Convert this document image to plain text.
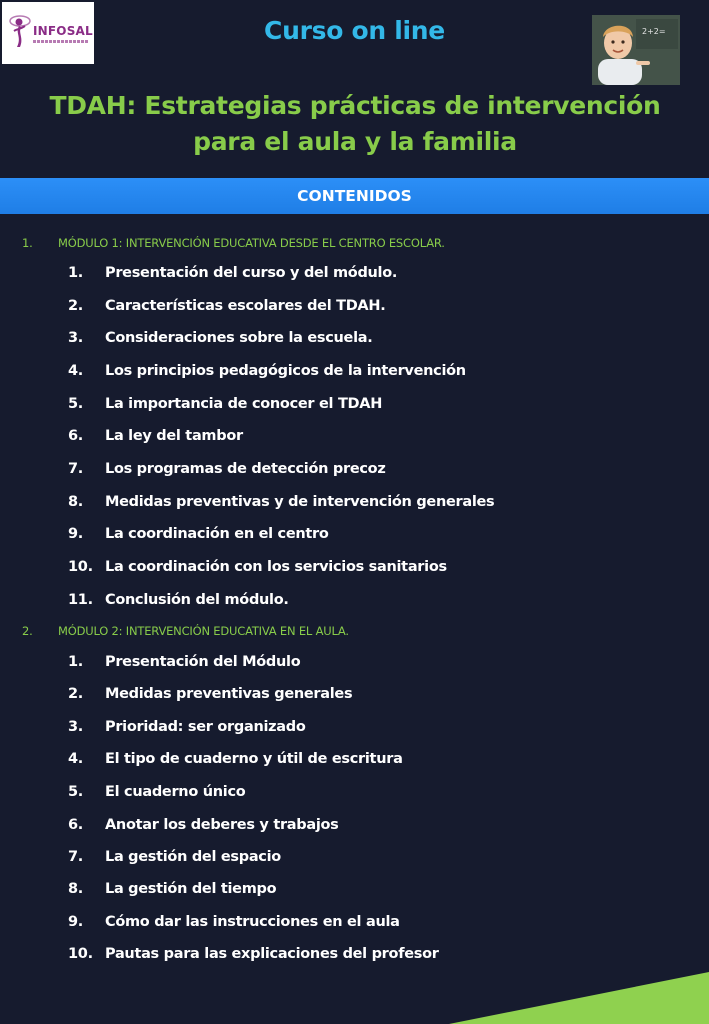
INFOSAL	Curso on line	2+2=
TDAH: Estrategias prácticas de intervención
para el aula y la familia
CONTENIDOS
1.	MÓDULO 1: INTERVENCIÓN EDUCATIVA DESDE EL CENTRO ESCOLAR.
1.	Presentación del curso y del módulo.
2.	Características escolares del TDAH.
3.	Consideraciones sobre la escuela.
4.	Los principios pedagógicos de la intervención
5.	La importancia de conocer el TDAH
6.	La ley del tambor
7.	Los programas de detección precoz
8.	Medidas preventivas y de intervención generales
9.	La coordinación en el centro
10. La coordinación con los servicios sanitarios
11. Conclusión del módulo.
2.	MÓDULO 2: INTERVENCIÓN EDUCATIVA EN EL AULA.
1.	Presentación del Módulo
2.	Medidas preventivas generales
3.	Prioridad: ser organizado
4.	El tipo de cuaderno y útil de escritura
5.	El cuaderno único
6.	Anotar los deberes y trabajos
7.	La gestión del espacio
8.	La gestión del tiempo
9.	Cómo dar las instrucciones en el aula
10. Pautas para las explicaciones del profesor
